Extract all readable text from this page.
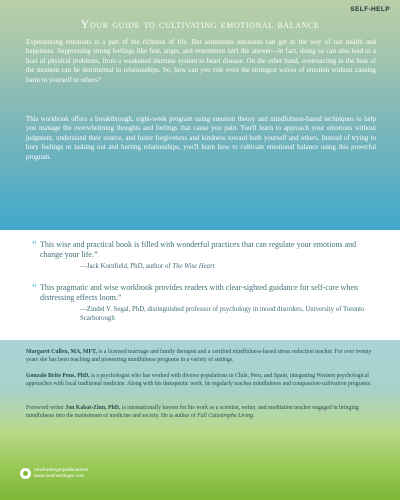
SELF-HELP
Your guide to cultivating emotional balance

Experiencing emotions is a part of the richness of life. But sometimes emotions can get in the way of our health and happiness. Suppressing strong feelings like fear, anger, and resentment isn't the answer—in fact, doing so can also lead to a host of physical problems, from a weakened immune system to heart disease. On the other hand, overreacting in the heat of the moment can be detrimental to relationships. So, how can you ride even the strongest waves of emotion without causing harm to yourself or others?

This workbook offers a breakthrough, eight-week program using emotion theory and mindfulness-based techniques to help you manage the overwhelming thoughts and feelings that cause you pain. You'll learn to approach your emotions without judgment, understand their source, and foster forgiveness and kindness toward both yourself and others. Instead of trying to bury feelings or lashing out and hurting relationships, you'll learn how to cultivate emotional balance using this powerful program.

“ This wise and practical book is filled with wonderful practices that can regulate your emotions and change your life.”

—Jack Kornfield, PhD, author of The Wise Heart

“ This pragmatic and wise workbook provides readers with clear-sighted guidance for self-care when distressing effects loom.”

—Zindel V. Segal, PhD, distinguished professor of psychology in mood disorders, University of Toronto Scarborough

Margaret Cullen, MA, MFT, is a licensed marriage and family therapist and a certified mindfulness-based stress reduction teacher. For over twenty years she has been teaching and pioneering mindfulness programs in a variety of settings.

Gonzalo Brito Pons, PhD, is a psychologist who has worked with diverse populations in Chile, Peru, and Spain, integrating Western psychological approaches with local traditional medicine. Along with his therapeutic work, he regularly teaches mindfulness and compassion-cultivation programs.

Foreword writer Jon Kabat-Zinn, PhD, is internationally known for his work as a scientist, writer, and meditation teacher engaged in bringing mindfulness into the mainstream of medicine and society. He is author of Full Catastrophe Living.

newharbingerpublications
www.newharbinger.com
